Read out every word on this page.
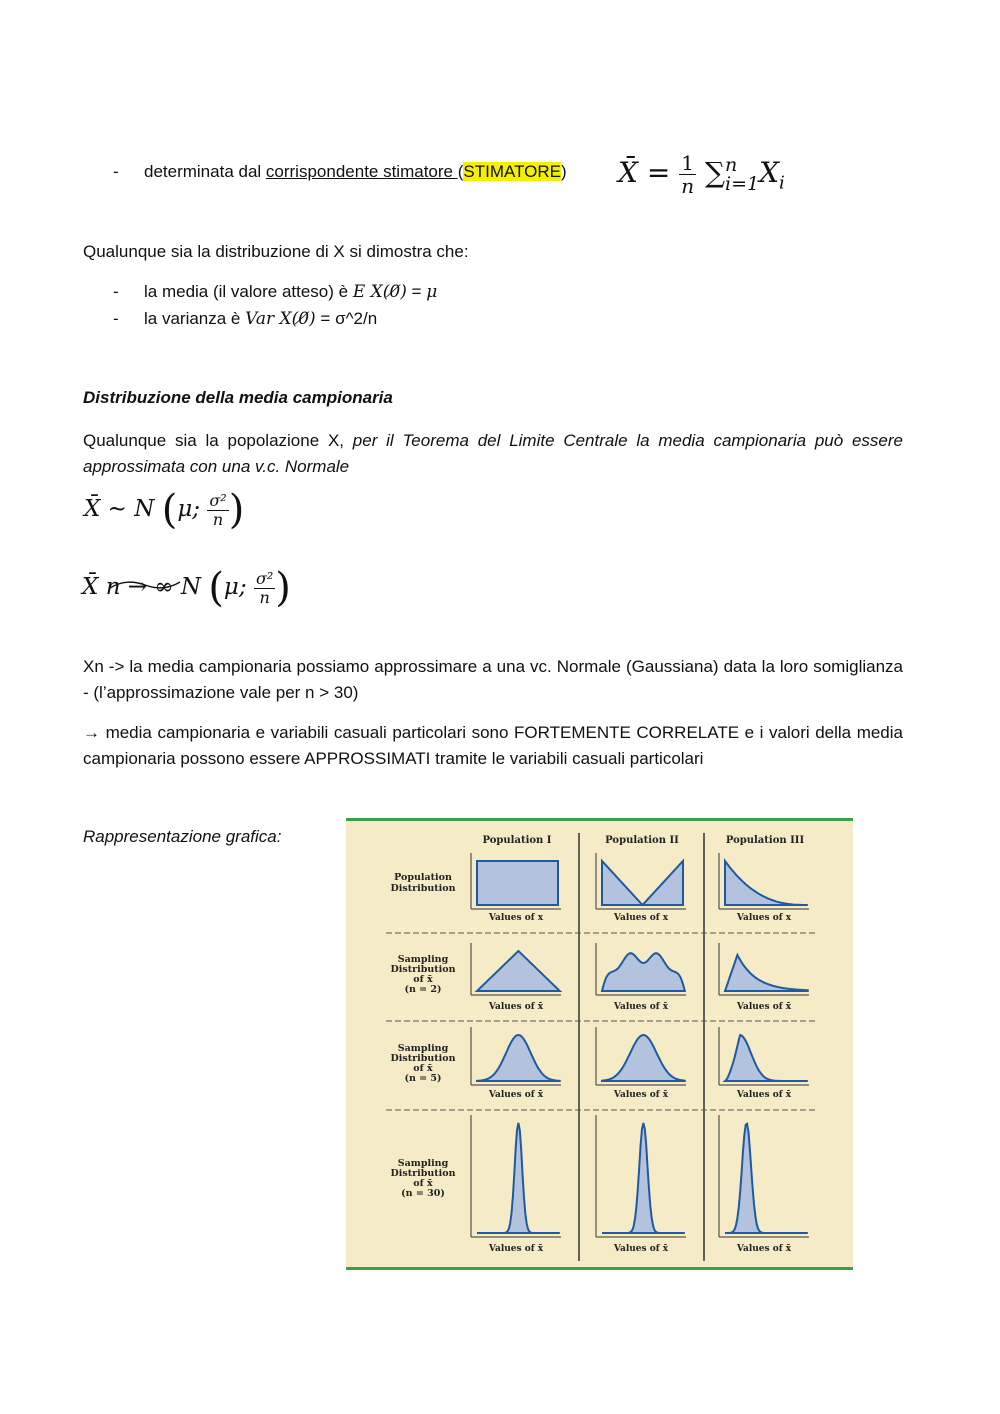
- determinata dal corrispondente stimatore (STIMATORE) X̄ = $\frac{1}{n}$ ∑ n
i=1 $X_i$
Qualunque sia la distribuzione di X si dimostra che:
- la media (il valore atteso) è E X(0̸) = μ
- la varianza è Var X(0̸) = σ^2/n
Distribuzione della media campionaria
Qualunque sia la popolazione X, per il Teorema del Limite Centrale la media campionaria può essere approssimata con una v.c. Normale
X̄ ∼ N (μ; $\frac{\text{σ²}}{n}$ )
X̄ n → ∞ N (μ; $\frac{\text{σ²}}{n}$ )
Xn -> la media campionaria possiamo approssimare a una vc. Normale (Gaussiana) data la loro somiglianza - (l’approssimazione vale per n > 30)
→ media campionaria e variabili casuali particolari sono FORTEMENTE CORRELATE e i valori della media campionaria possono essere APPROSSIMATI tramite le variabili casuali particolari
Rappresentazione grafica:	Population I	Population II	Population III
Population
Distribution
Sampling
Distribution
of x̄
(n = 2)
Sampling
Distribution
of x̄
(n = 5)
Sampling
Distribution
of x̄
(n = 30)
Values of x	Values of x	Values of x
Values of x̄	Values of x̄	Values of x̄
Values of x̄	Values of x̄	Values of x̄
Values of x̄	Values of x̄	Values of x̄
